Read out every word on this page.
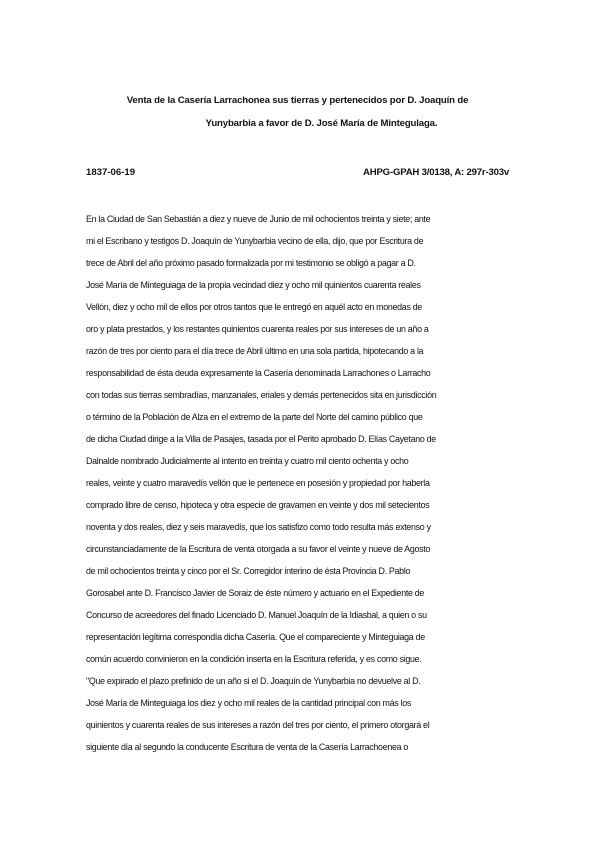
Venta de la Casería Larrachonea sus tierras y pertenecidos por D. Joaquín de
Yunybarbia a favor de D. José María de Mintegulaga.
1837-06-19	AHPG-GPAH 3/0138, A: 297r-303v
En la Ciudad de San Sebastián a diez y nueve de Junio de mil ochocientos treinta y siete; ante
mi el Escribano y testigos D. Joaquín de Yunybarbia vecino de ella, dijo, que por Escritura de
trece de Abril del año próximo pasado formalizada por mi testimonio se obligó a pagar a D.
José María de Minteguiaga de la propia vecindad diez y ocho mil quinientos cuarenta reales
Vellón, diez y ocho mil de ellos por otros tantos que le entregó en aquél acto en monedas de
oro y plata prestados, y los restantes quinientos cuarenta reales por sus intereses de un año a
razón de tres por ciento para el día trece de Abril último en una sola partida, hipotecando a la
responsabilidad de ésta deuda expresamente la Casería denominada Larrachones o Larracho
con todas sus tierras sembradías, manzanales, eriales y demás pertenecidos sita en jurisdicción
o término de la Población de Alza en el extremo de la parte del Norte del camino público que
de dicha Ciudad dirige a la Villa de Pasajes, tasada por el Perito aprobado D. Elías Cayetano de
Dalnalde nombrado Judicialmente al intento en treinta y cuatro mil ciento ochenta y ocho
reales, veinte y cuatro maravedís vellón que le pertenece en posesión y propiedad por haberla
comprado libre de censo, hipoteca y otra especie de gravamen en veinte y dos mil setecientos
noventa y dos reales, diez y seis maravedís, que los satisfizo como todo resulta más extenso y
circunstanciadamente de la Escritura de venta otorgada a su favor el veinte y nueve de Agosto
de mil ochocientos treinta y cinco por el Sr. Corregidor interino de ésta Provincia D. Pablo
Gorosabel ante D. Francisco Javier de Soraiz de éste número y actuario en el Expediente de
Concurso de acreedores del finado Licenciado D. Manuel Joaquín de la Idiasbal, a quien o su
representación legítima correspondía dicha Casería. Que el compareciente y Minteguiaga de
común acuerdo convinieron en la condición inserta en la Escritura referida, y es como sigue.
"Que expirado el plazo prefinido de un año si el D. Joaquín de Yunybarbia no devuelve al D.
José María de Minteguiaga los diez y ocho mil reales de la cantidad principal con más los
quinientos y cuarenta reales de sus intereses a razón del tres por ciento, el primero otorgará el
siguiente día al segundo la conducente Escritura de venta de la Casería Larrachoenea o
